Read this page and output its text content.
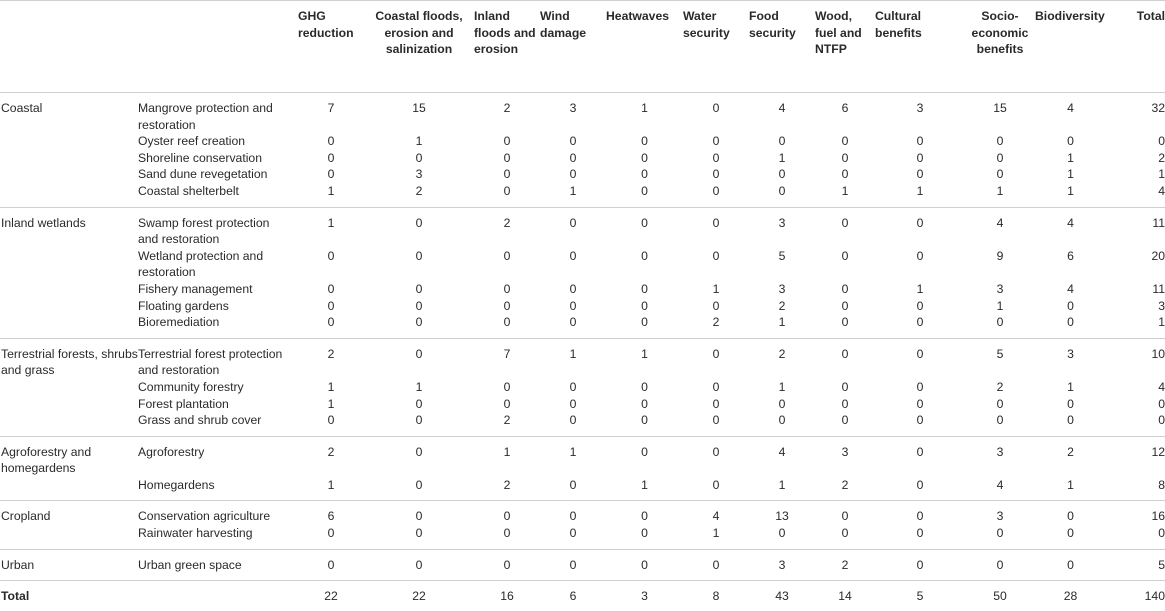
		GHG reduction	Coastal floods, erosion and salinization	Inland floods and erosion	Wind damage	Heatwaves	Water security	Food security	Wood, fuel and NTFP	Cultural benefits	Socio-economic benefits	Biodiversity	Total
Coastal	Mangrove protection and restoration	7	15	2	3	1	0	4	6	3	15	4	32
	Oyster reef creation	0	1	0	0	0	0	0	0	0	0	0	0
	Shoreline conservation	0	0	0	0	0	0	1	0	0	0	1	2
	Sand dune revegetation	0	3	0	0	0	0	0	0	0	0	1	1
	Coastal shelterbelt	1	2	0	1	0	0	0	1	1	1	1	4
Inland wetlands	Swamp forest protection and restoration	1	0	2	0	0	0	3	0	0	4	4	11
	Wetland protection and restoration	0	0	0	0	0	0	5	0	0	9	6	20
	Fishery management	0	0	0	0	0	1	3	0	1	3	4	11
	Floating gardens	0	0	0	0	0	0	2	0	0	1	0	3
	Bioremediation	0	0	0	0	0	2	1	0	0	0	0	1
Terrestrial forests, shrubs and grass	Terrestrial forest protection and restoration	2	0	7	1	1	0	2	0	0	5	3	10
	Community forestry	1	1	0	0	0	0	1	0	0	2	1	4
	Forest plantation	1	0	0	0	0	0	0	0	0	0	0	0
	Grass and shrub cover	0	0	2	0	0	0	0	0	0	0	0	0
Agroforestry and homegardens	Agroforestry	2	0	1	1	0	0	4	3	0	3	2	12
	Homegardens	1	0	2	0	1	0	1	2	0	4	1	8
Cropland	Conservation agriculture	6	0	0	0	0	4	13	0	0	3	0	16
	Rainwater harvesting	0	0	0	0	0	1	0	0	0	0	0	0
Urban	Urban green space	0	0	0	0	0	0	3	2	0	0	0	5
Total		22	22	16	6	3	8	43	14	5	50	28	140
